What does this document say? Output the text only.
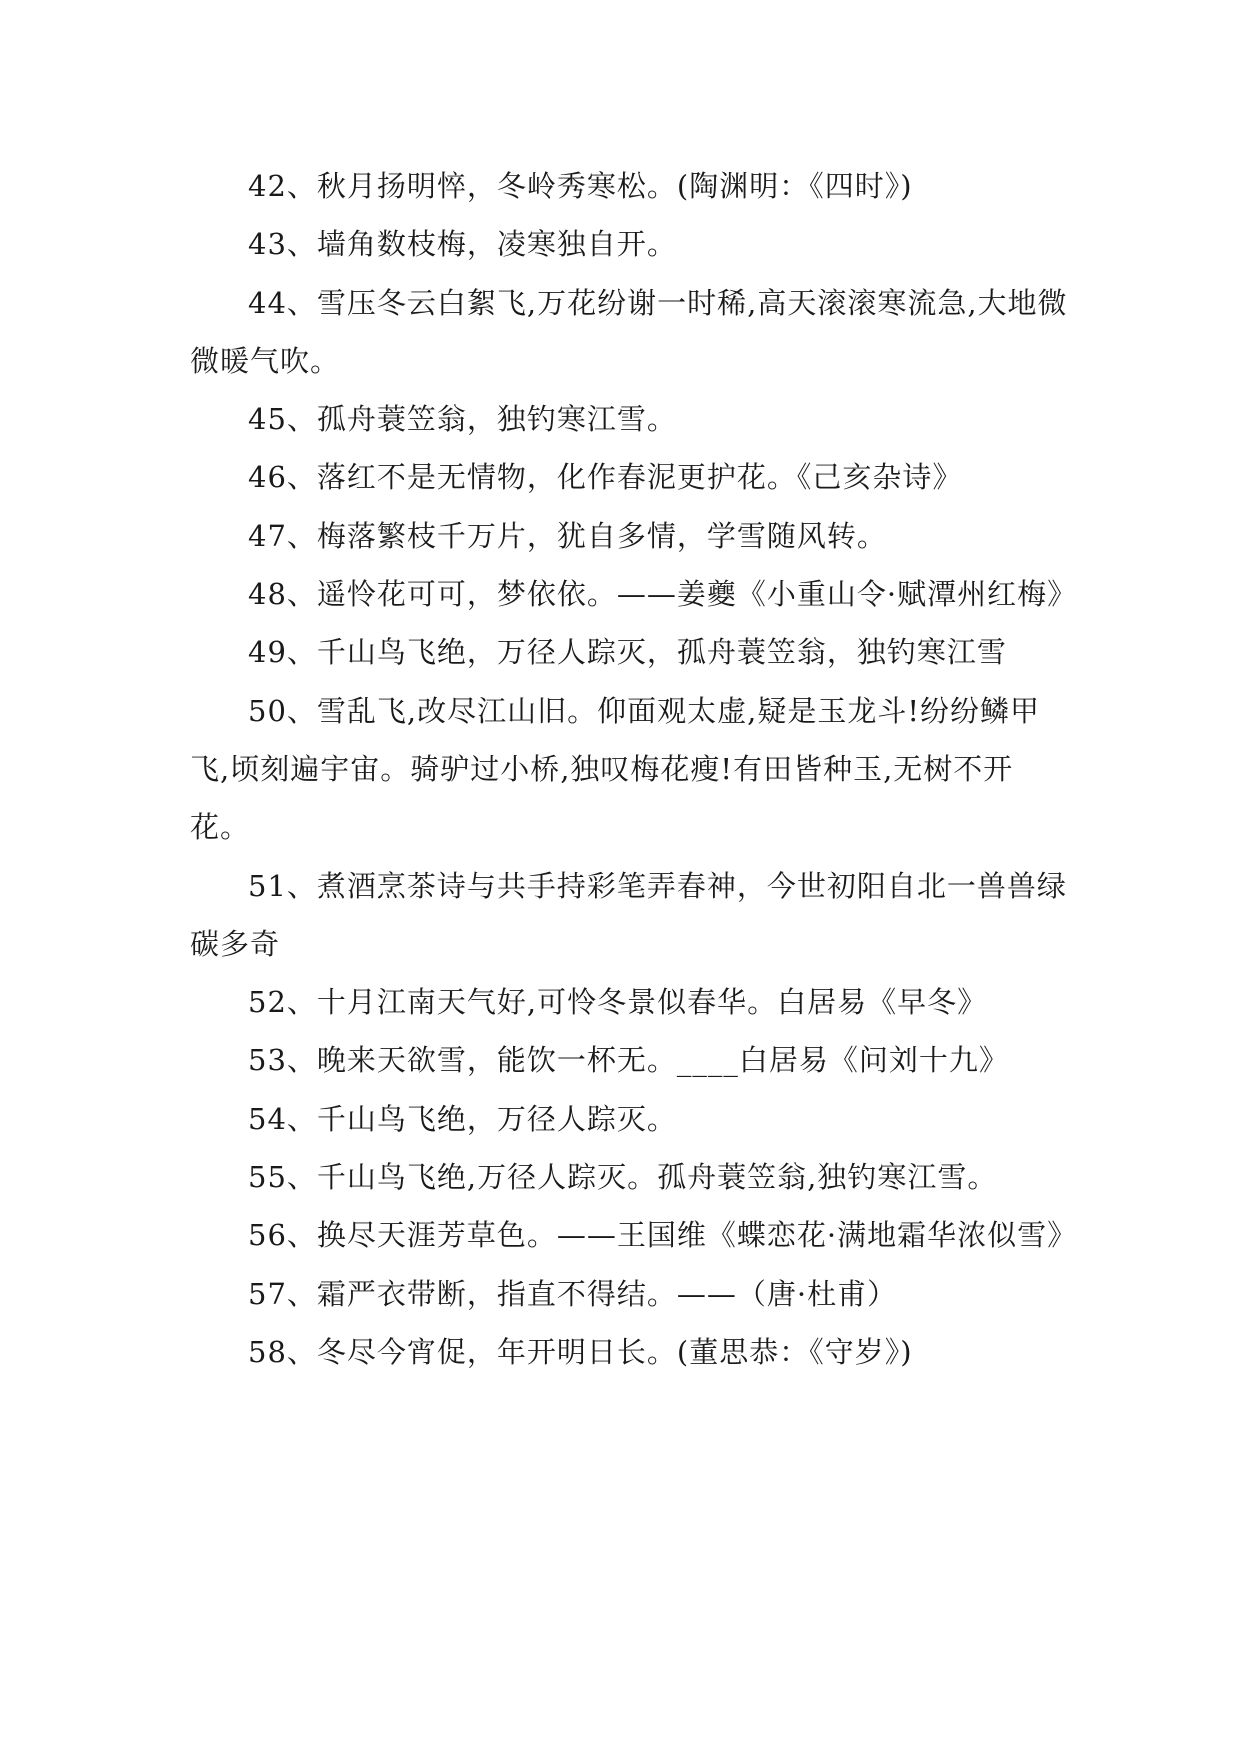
42、秋月扬明悴，冬岭秀寒松。(陶渊明：《四时》)

43、墙角数枝梅，凌寒独自开。

44、雪压冬云白絮飞,万花纷谢一时稀,高天滚滚寒流急,大地微微暖气吹。

45、孤舟蓑笠翁，独钓寒江雪。

46、落红不是无情物，化作春泥更护花。《己亥杂诗》

47、梅落繁枝千万片，犹自多情，学雪随风转。

48、遥怜花可可，梦依依。——姜夔《小重山令·赋潭州红梅》

49、千山鸟飞绝，万径人踪灭，孤舟蓑笠翁，独钓寒江雪

50、雪乱飞,改尽江山旧。仰面观太虚,疑是玉龙斗!纷纷鳞甲飞,顷刻遍宇宙。骑驴过小桥,独叹梅花瘦!有田皆种玉,无树不开花。

51、煮酒烹茶诗与共手持彩笔弄春神，今世初阳自北一兽兽绿碳多奇

52、十月江南天气好,可怜冬景似春华。白居易《早冬》

53、晚来天欲雪，能饮一杯无。____白居易《问刘十九》

54、千山鸟飞绝，万径人踪灭。

55、千山鸟飞绝,万径人踪灭。孤舟蓑笠翁,独钓寒江雪。

56、换尽天涯芳草色。——王国维《蝶恋花·满地霜华浓似雪》

57、霜严衣带断，指直不得结。——（唐·杜甫）

58、冬尽今宵促，年开明日长。(董思恭：《守岁》)
